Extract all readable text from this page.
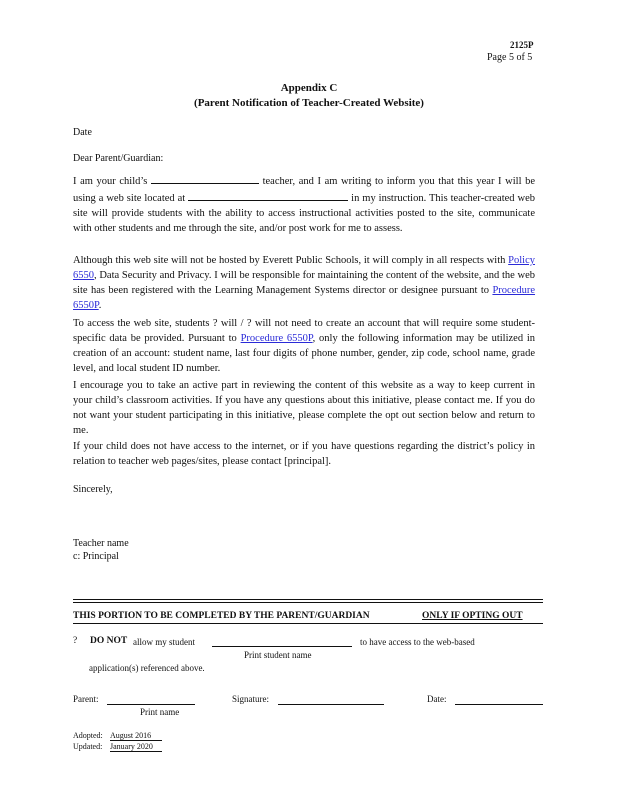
2125P
Page 5 of 5
Appendix C
(Parent Notification of Teacher-Created Website)
Date
Dear Parent/Guardian:

I am your child’s	teacher, and I am writing to inform you that this year I will be using a web site located at	in my instruction. This teacher-created web site will provide students with the ability to access instructional activities posted to the site, communicate with other students and me through the site, and/or post work for me to assess.

Although this web site will not be hosted by Everett Public Schools, it will comply in all respects with Policy 6550, Data Security and Privacy. I will be responsible for maintaining the content of the website, and the web site has been registered with the Learning Management Systems director or designee pursuant to Procedure 6550P.

To access the web site, students ? will / ? will not need to create an account that will require some student-specific data be provided. Pursuant to Procedure 6550P, only the following information may be utilized in creation of an account: student name, last four digits of phone number, gender, zip code, school name, grade level, and local student ID number.

I encourage you to take an active part in reviewing the content of this website as a way to keep current in your child’s classroom activities. If you have any questions about this initiative, please contact me. If you do not want your student participating in this initiative, please complete the opt out section below and return to me.

If your child does not have access to the internet, or if you have questions regarding the district’s policy in relation to teacher web pages/sites, please contact [principal].

Sincerely,
Teacher name
c: Principal
THIS PORTION TO BE COMPLETED BY THE PARENT/GUARDIAN	ONLY IF OPTING OUT
? DO NOT allow my student	to have access to the web-based
Print student name
application(s) referenced above.
Parent:
Print name
Signature:	Date:
Adopted: August 2016
Updated: January 2020
